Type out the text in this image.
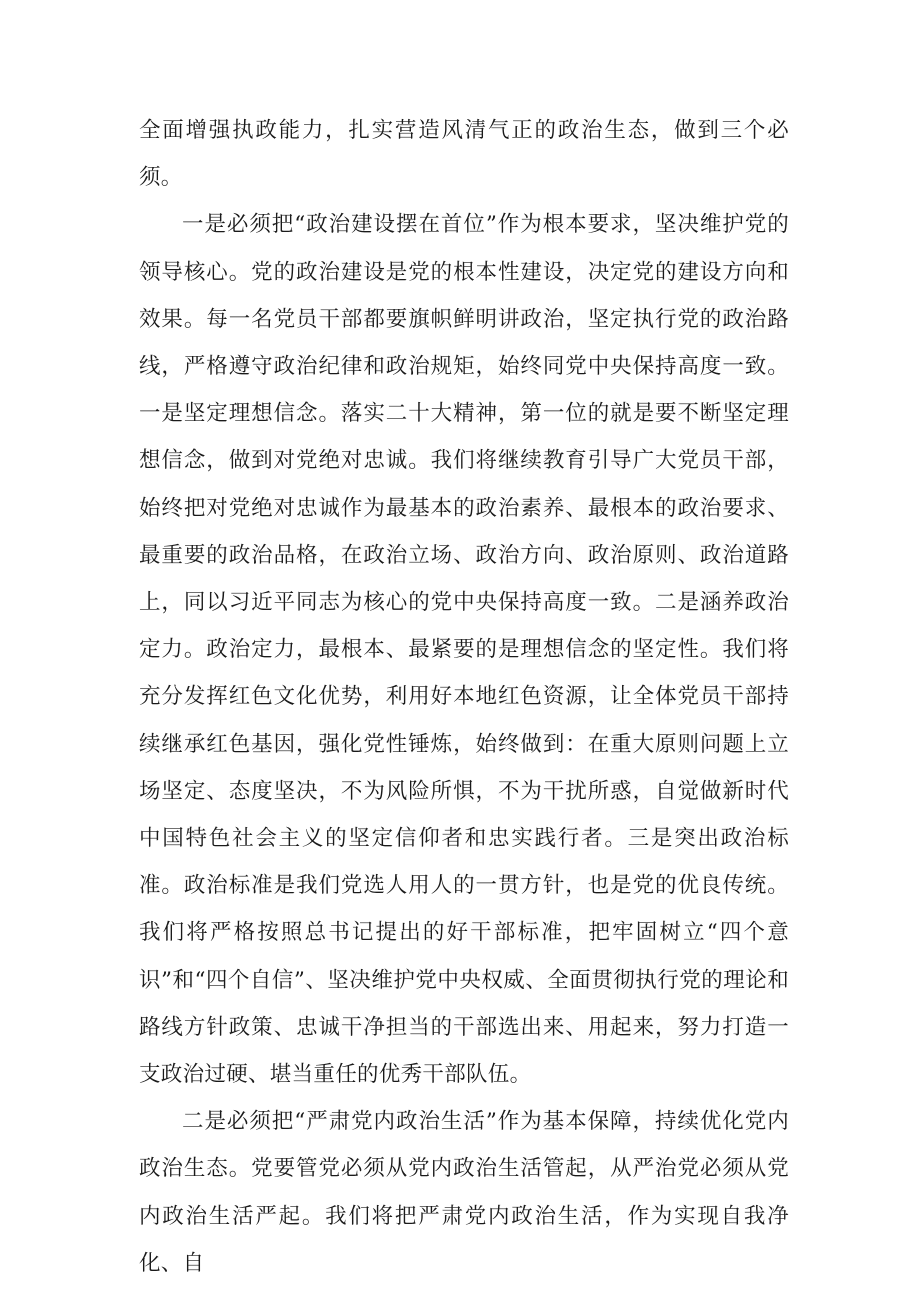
全面增强执政能力，扎实营造风清气正的政治生态，做到三个必须。

一是必须把“政治建设摆在首位”作为根本要求，坚决维护党的领导核心。党的政治建设是党的根本性建设，决定党的建设方向和效果。每一名党员干部都要旗帜鲜明讲政治，坚定执行党的政治路线，严格遵守政治纪律和政治规矩，始终同党中央保持高度一致。一是坚定理想信念。落实二十大精神，第一位的就是要不断坚定理想信念，做到对党绝对忠诚。我们将继续教育引导广大党员干部，始终把对党绝对忠诚作为最基本的政治素养、最根本的政治要求、最重要的政治品格，在政治立场、政治方向、政治原则、政治道路上，同以习近平同志为核心的党中央保持高度一致。二是涵养政治定力。政治定力，最根本、最紧要的是理想信念的坚定性。我们将充分发挥红色文化优势，利用好本地红色资源，让全体党员干部持续继承红色基因，强化党性锤炼，始终做到：在重大原则问题上立场坚定、态度坚决，不为风险所惧，不为干扰所惑，自觉做新时代中国特色社会主义的坚定信仰者和忠实践行者。三是突出政治标准。政治标准是我们党选人用人的一贯方针，也是党的优良传统。我们将严格按照总书记提出的好干部标准，把牢固树立“四个意识”和“四个自信”、坚决维护党中央权威、全面贯彻执行党的理论和路线方针政策、忠诚干净担当的干部选出来、用起来，努力打造一支政治过硬、堪当重任的优秀干部队伍。

二是必须把“严肃党内政治生活”作为基本保障，持续优化党内政治生态。党要管党必须从党内政治生活管起，从严治党必须从党内政治生活严起。我们将把严肃党内政治生活，作为实现自我净化、自
